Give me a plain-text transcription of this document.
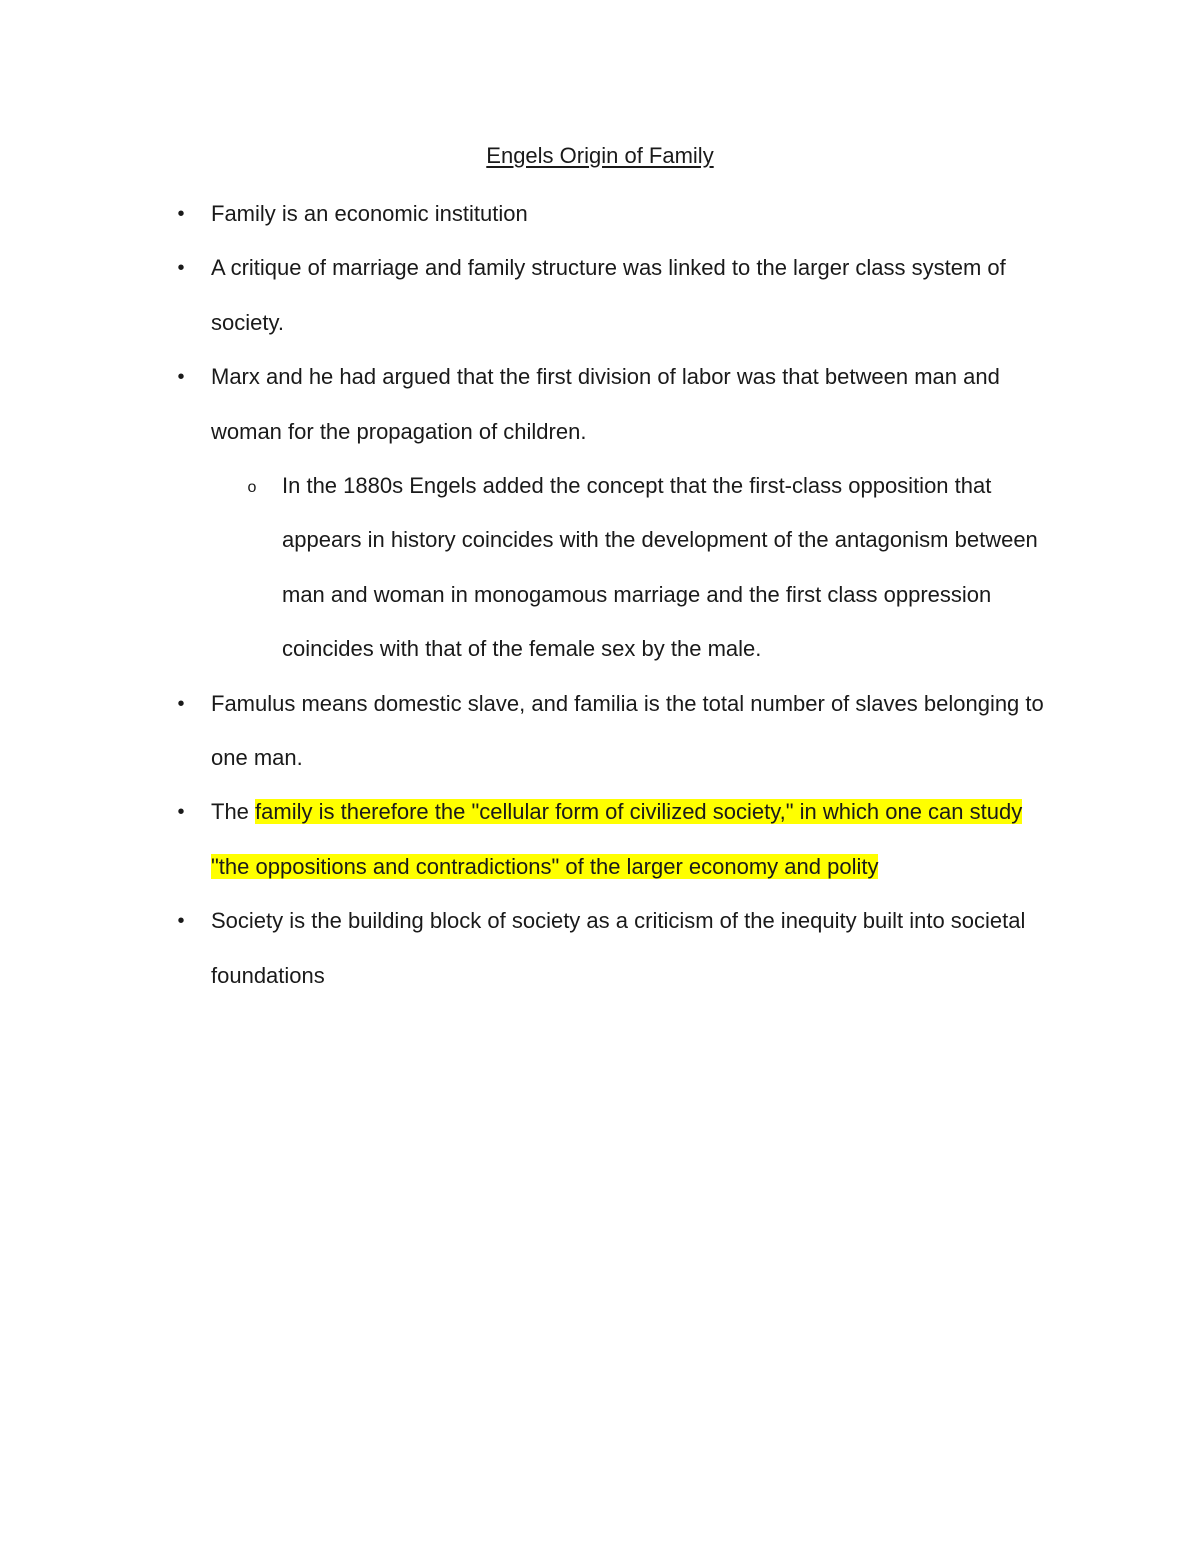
Engels Origin of Family
• Family is an economic institution
• A critique of marriage and family structure was linked to the larger class system of society.
• Marx and he had argued that the first division of labor was that between man and woman for the propagation of children.
o In the 1880s Engels added the concept that the first-class opposition that appears in history coincides with the development of the antagonism between man and woman in monogamous marriage and the first class oppression coincides with that of the female sex by the male.
• Famulus means domestic slave, and familia is the total number of slaves belonging to one man.
• The family is therefore the "cellular form of civilized society," in which one can study "the oppositions and contradictions" of the larger economy and polity
• Society is the building block of society as a criticism of the inequity built into societal foundations
